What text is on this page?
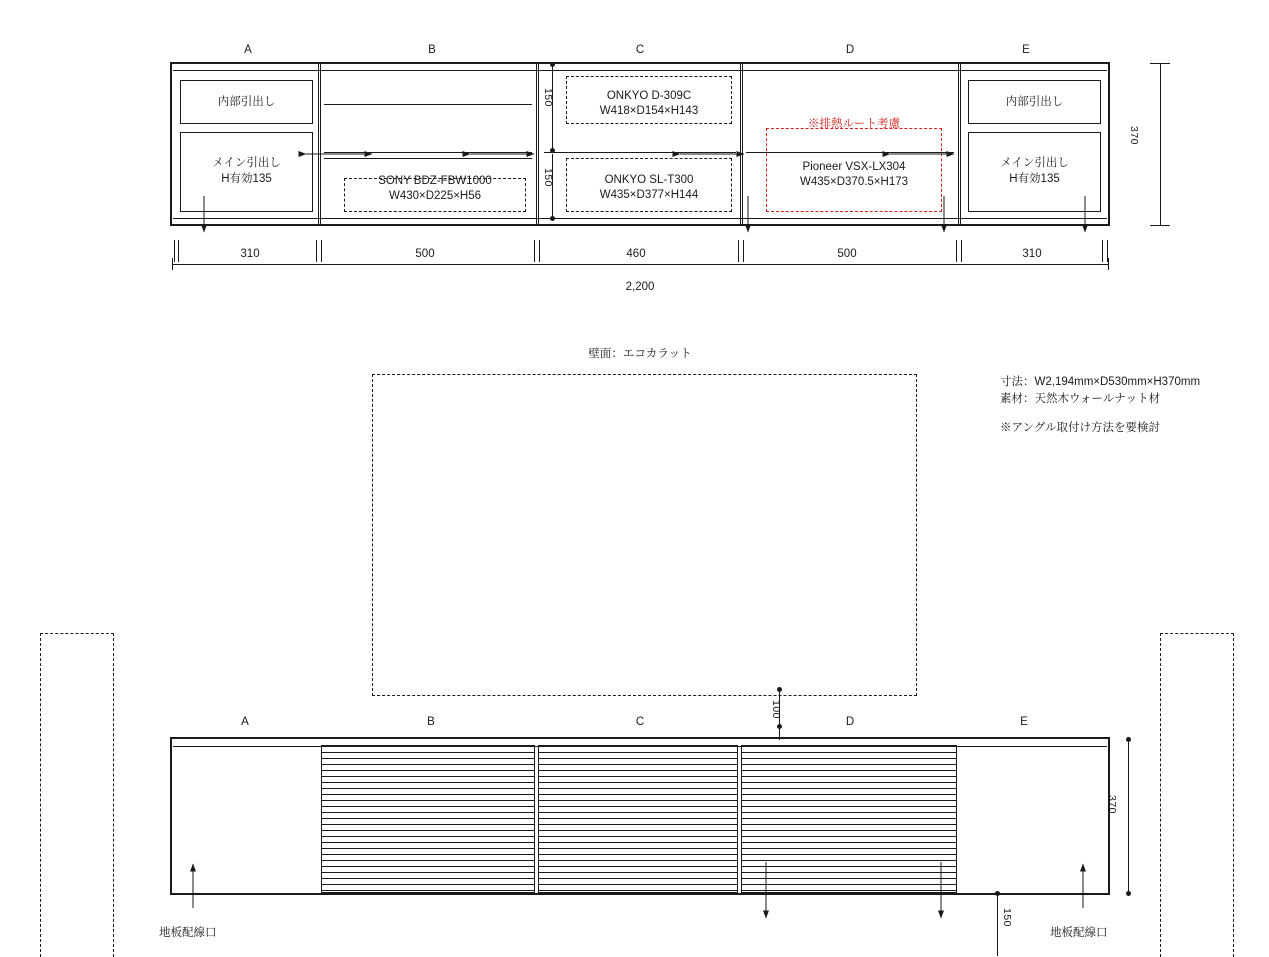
A	B	C	D	E
内部引出し
メイン引出し
H有効135
内部引出し
メイン引出し
H有効135
SONY BDZ-FBW1000
W430×D225×H56
ONKYO D-309C
W418×D154×H143
ONKYO SL-T300
W435×D377×H144
※排熱ルート考慮
Pioneer VSX-LX304
W435×D370.5×H173
370
150
150
310	500	460	500	310
2,200
壁面：エコカラット
寸法：W2,194mm×D530mm×H370mm
素材：天然木ウォールナット材
※アングル取付け方法を要検討
100
A	B	C	D	E
370
150
地板配線口	地板配線口
